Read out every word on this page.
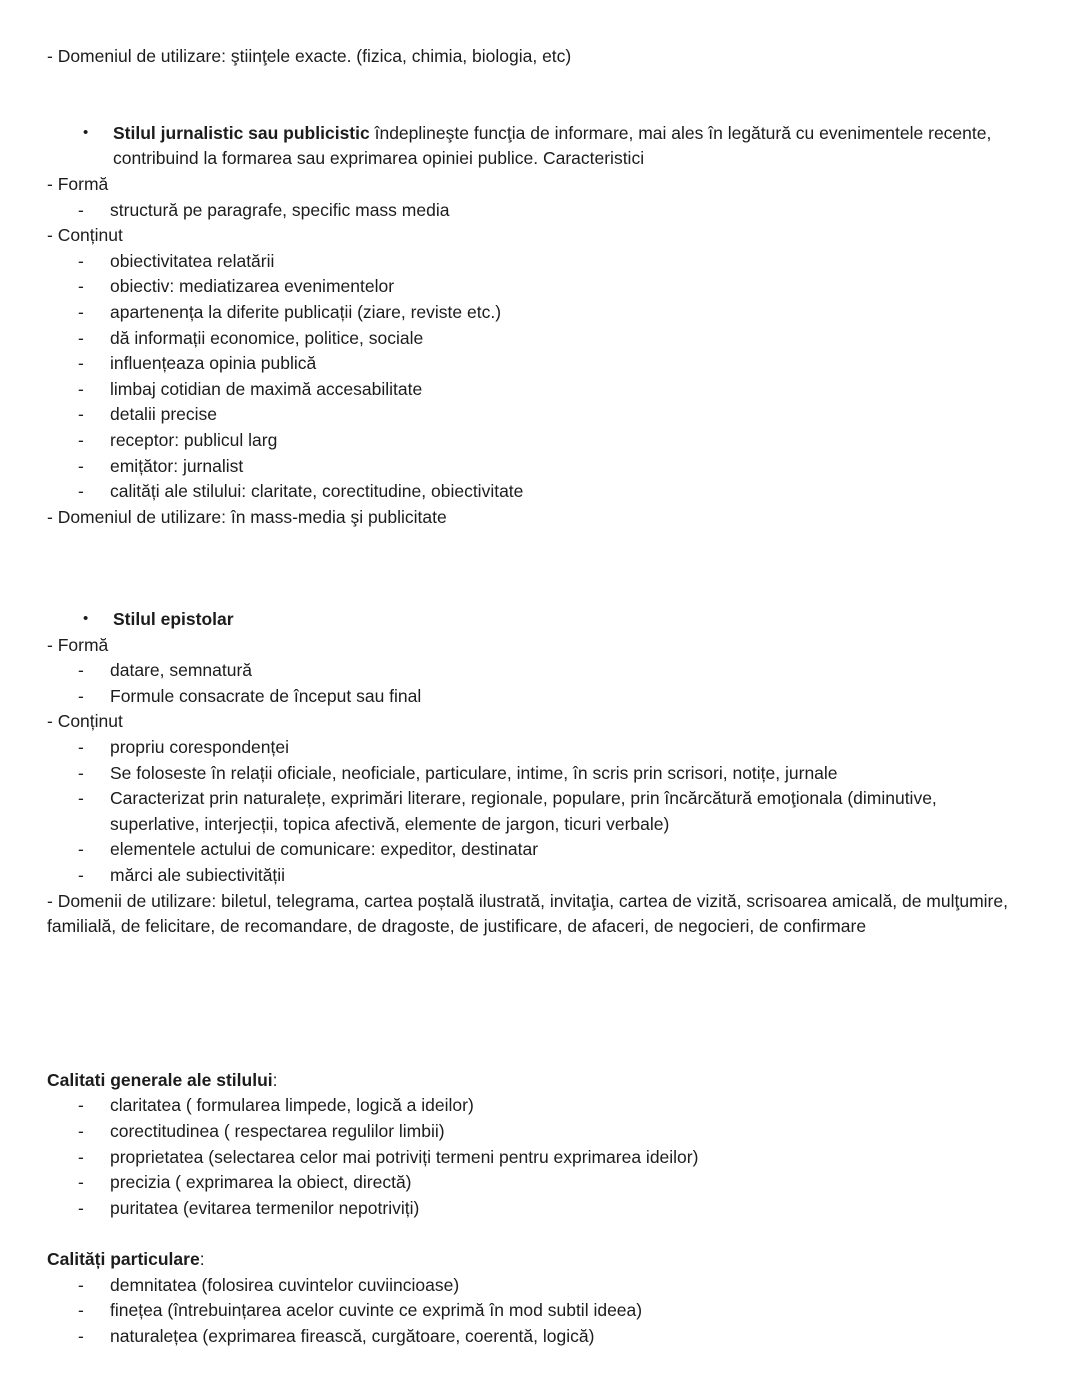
- Domeniul de utilizare: ştiinţele exacte. (fizica, chimia, biologia, etc)

• Stilul jurnalistic sau publicistic îndeplineşte funcţia de informare, mai ales în legătură cu evenimentele recente, contribuind la formarea sau exprimarea opiniei publice. Caracteristici

- Formă

- structură pe paragrafe, specific mass media

- Conținut

- obiectivitatea relatării
- obiectiv: mediatizarea evenimentelor
- apartenența la diferite publicații (ziare, reviste etc.)
- dă informații economice, politice, sociale
- influențeaza opinia publică
- limbaj cotidian de maximă accesabilitate
- detalii precise
- receptor: publicul larg
- emițător: jurnalist
- calități ale stilului: claritate, corectitudine, obiectivitate

- Domeniul de utilizare: în mass-media şi publicitate

• Stilul epistolar

- Formă

- datare, semnatură
- Formule consacrate de început sau final

- Conținut

- propriu corespondenței
- Se foloseste în relații oficiale, neoficiale, particulare, intime, în scris prin scrisori, notițe, jurnale
- Caracterizat prin naturalețe, exprimări literare, regionale, populare, prin încărcătură emoţionala (diminutive, superlative, interjecții, topica afectivă, elemente de jargon, ticuri verbale)
- elementele actului de comunicare: expeditor, destinatar
- mărci ale subiectivității

- Domenii de utilizare: biletul, telegrama, cartea poștală ilustrată, invitaţia, cartea de vizită, scrisoarea amicală, de mulţumire, familială, de felicitare, de recomandare, de dragoste, de justificare, de afaceri, de negocieri, de confirmare

Calitati generale ale stilului:

- claritatea ( formularea limpede, logică a ideilor)
- corectitudinea ( respectarea regulilor limbii)
- proprietatea (selectarea celor mai potriviți termeni pentru exprimarea ideilor)
- precizia ( exprimarea la obiect, directă)
- puritatea (evitarea termenilor nepotriviți)

Calități particulare:

- demnitatea (folosirea cuvintelor cuviincioase)
- finețea (întrebuințarea acelor cuvinte ce exprimă în mod subtil ideea)
- naturalețea (exprimarea firească, curgătoare, coerentă, logică)
